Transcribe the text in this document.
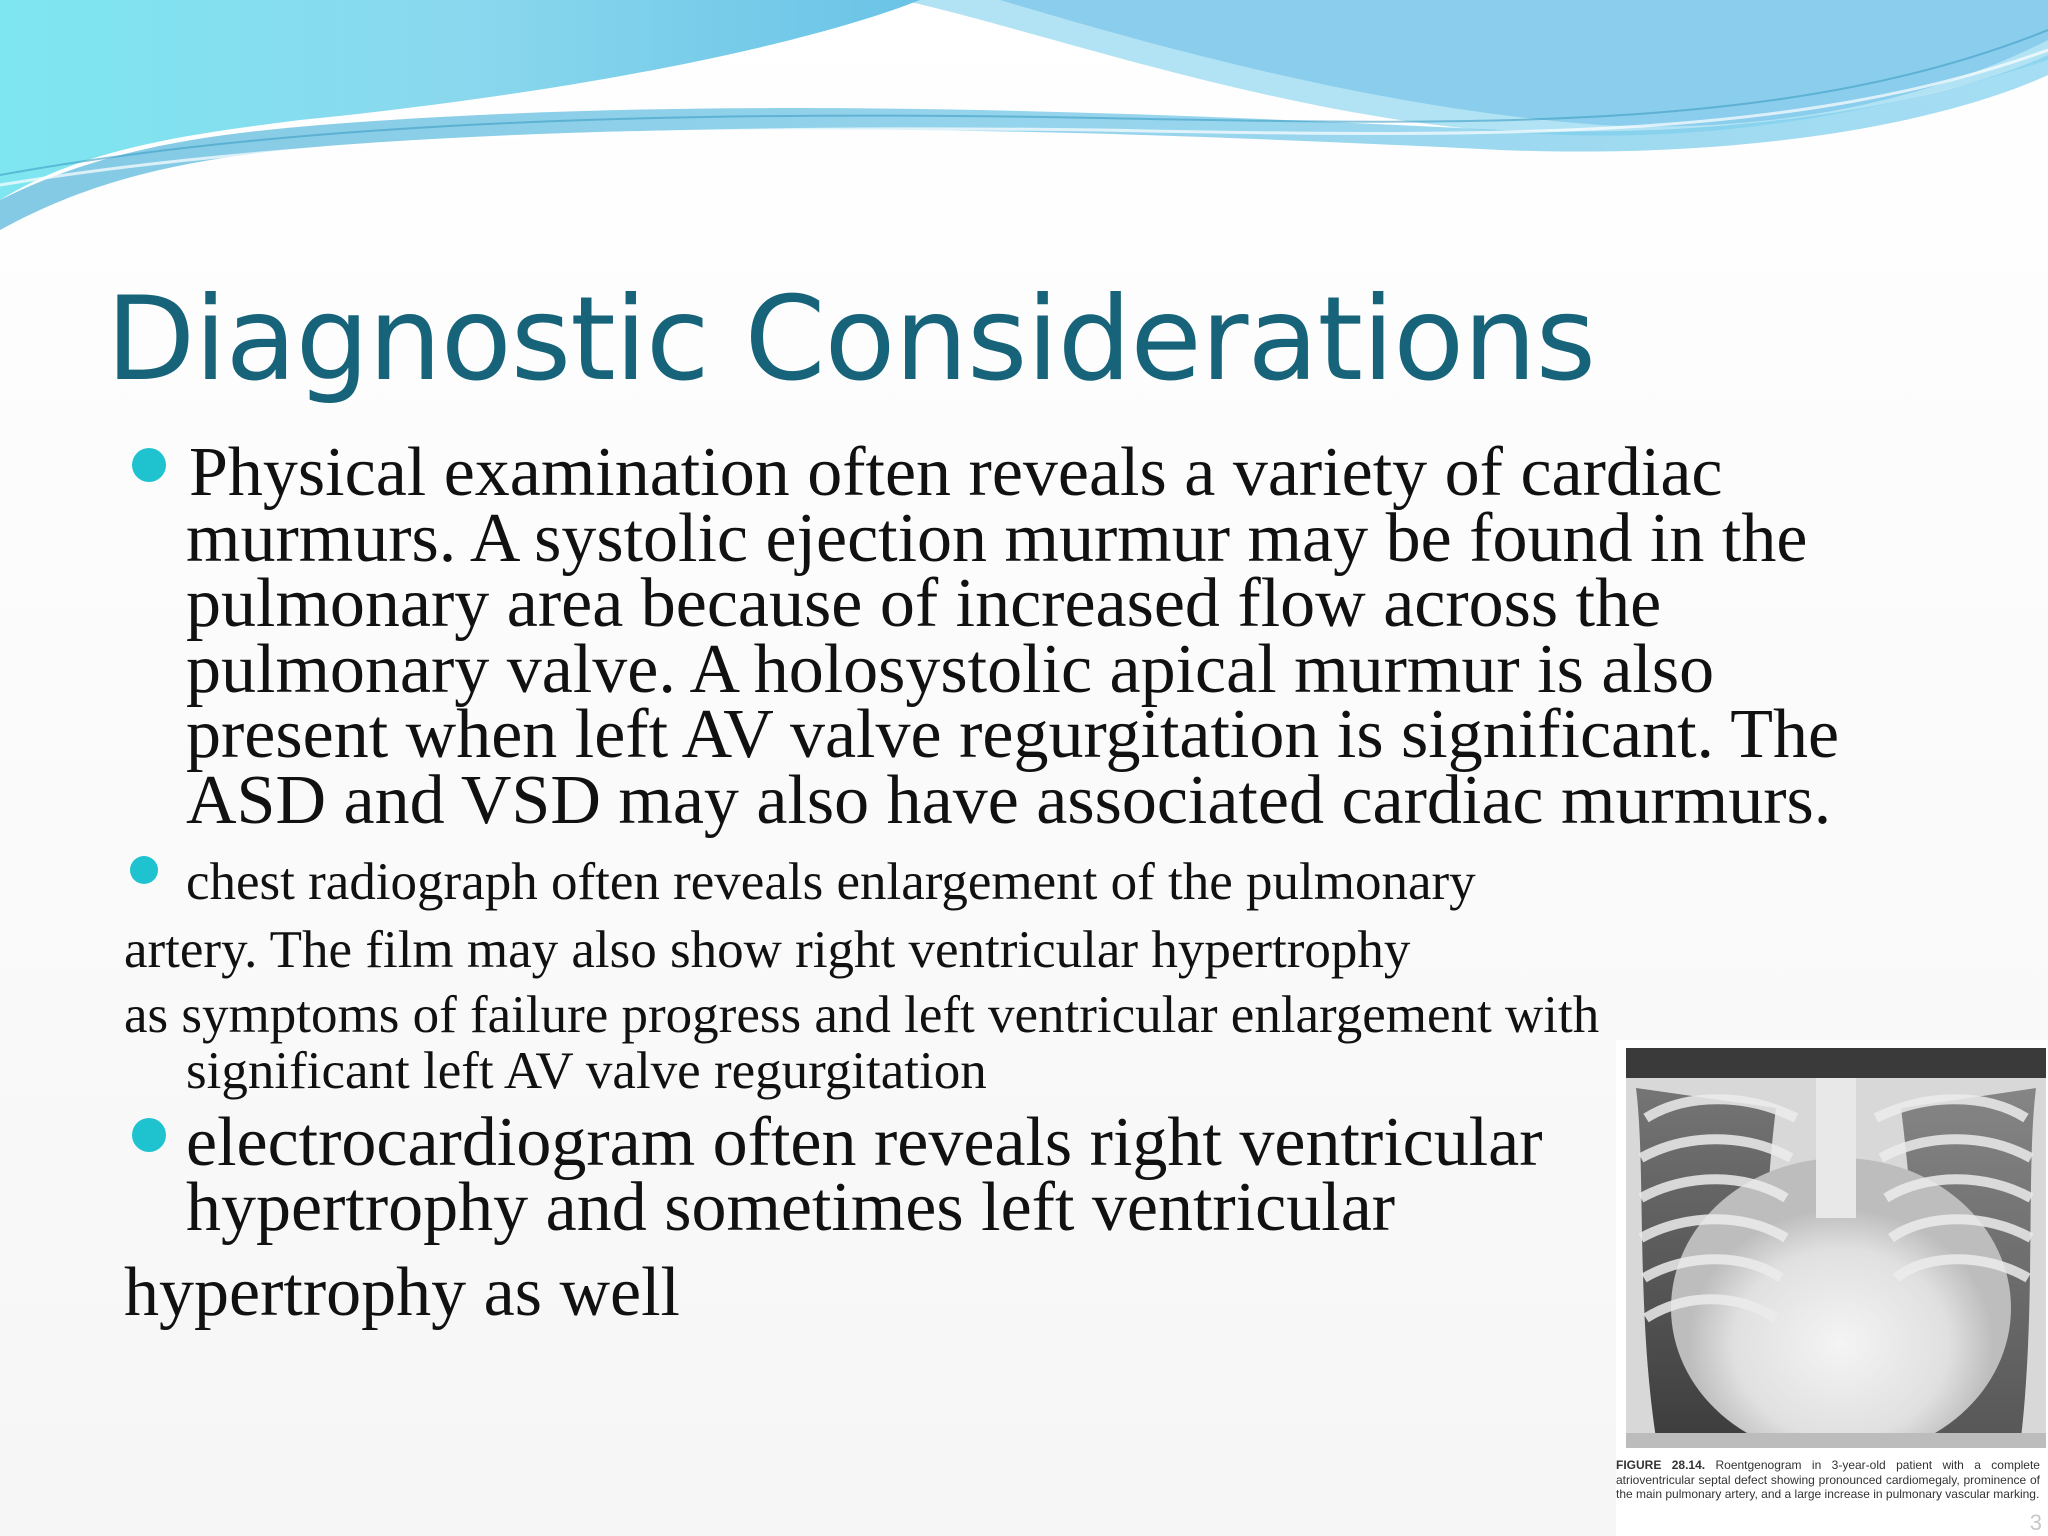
Diagnostic Considerations
Physical examination often reveals a variety of cardiac
murmurs. A systolic ejection murmur may be found in the
pulmonary area because of increased flow across the
pulmonary valve. A holosystolic apical murmur is also
present when left AV valve regurgitation is significant. The
ASD and VSD may also have associated cardiac murmurs.
chest radiograph often reveals enlargement of the pulmonary
artery. The film may also show right ventricular hypertrophy
as symptoms of failure progress and left ventricular enlargement with
significant left AV valve regurgitation
electrocardiogram often reveals right ventricular
hypertrophy and sometimes left ventricular
hypertrophy as well
FIGURE 28.14. Roentgenogram in 3-year-old patient with a complete atrioventricular septal defect showing pronounced cardiomegaly, prominence of the main pulmonary artery, and a large increase in pulmonary vascular marking.
3
